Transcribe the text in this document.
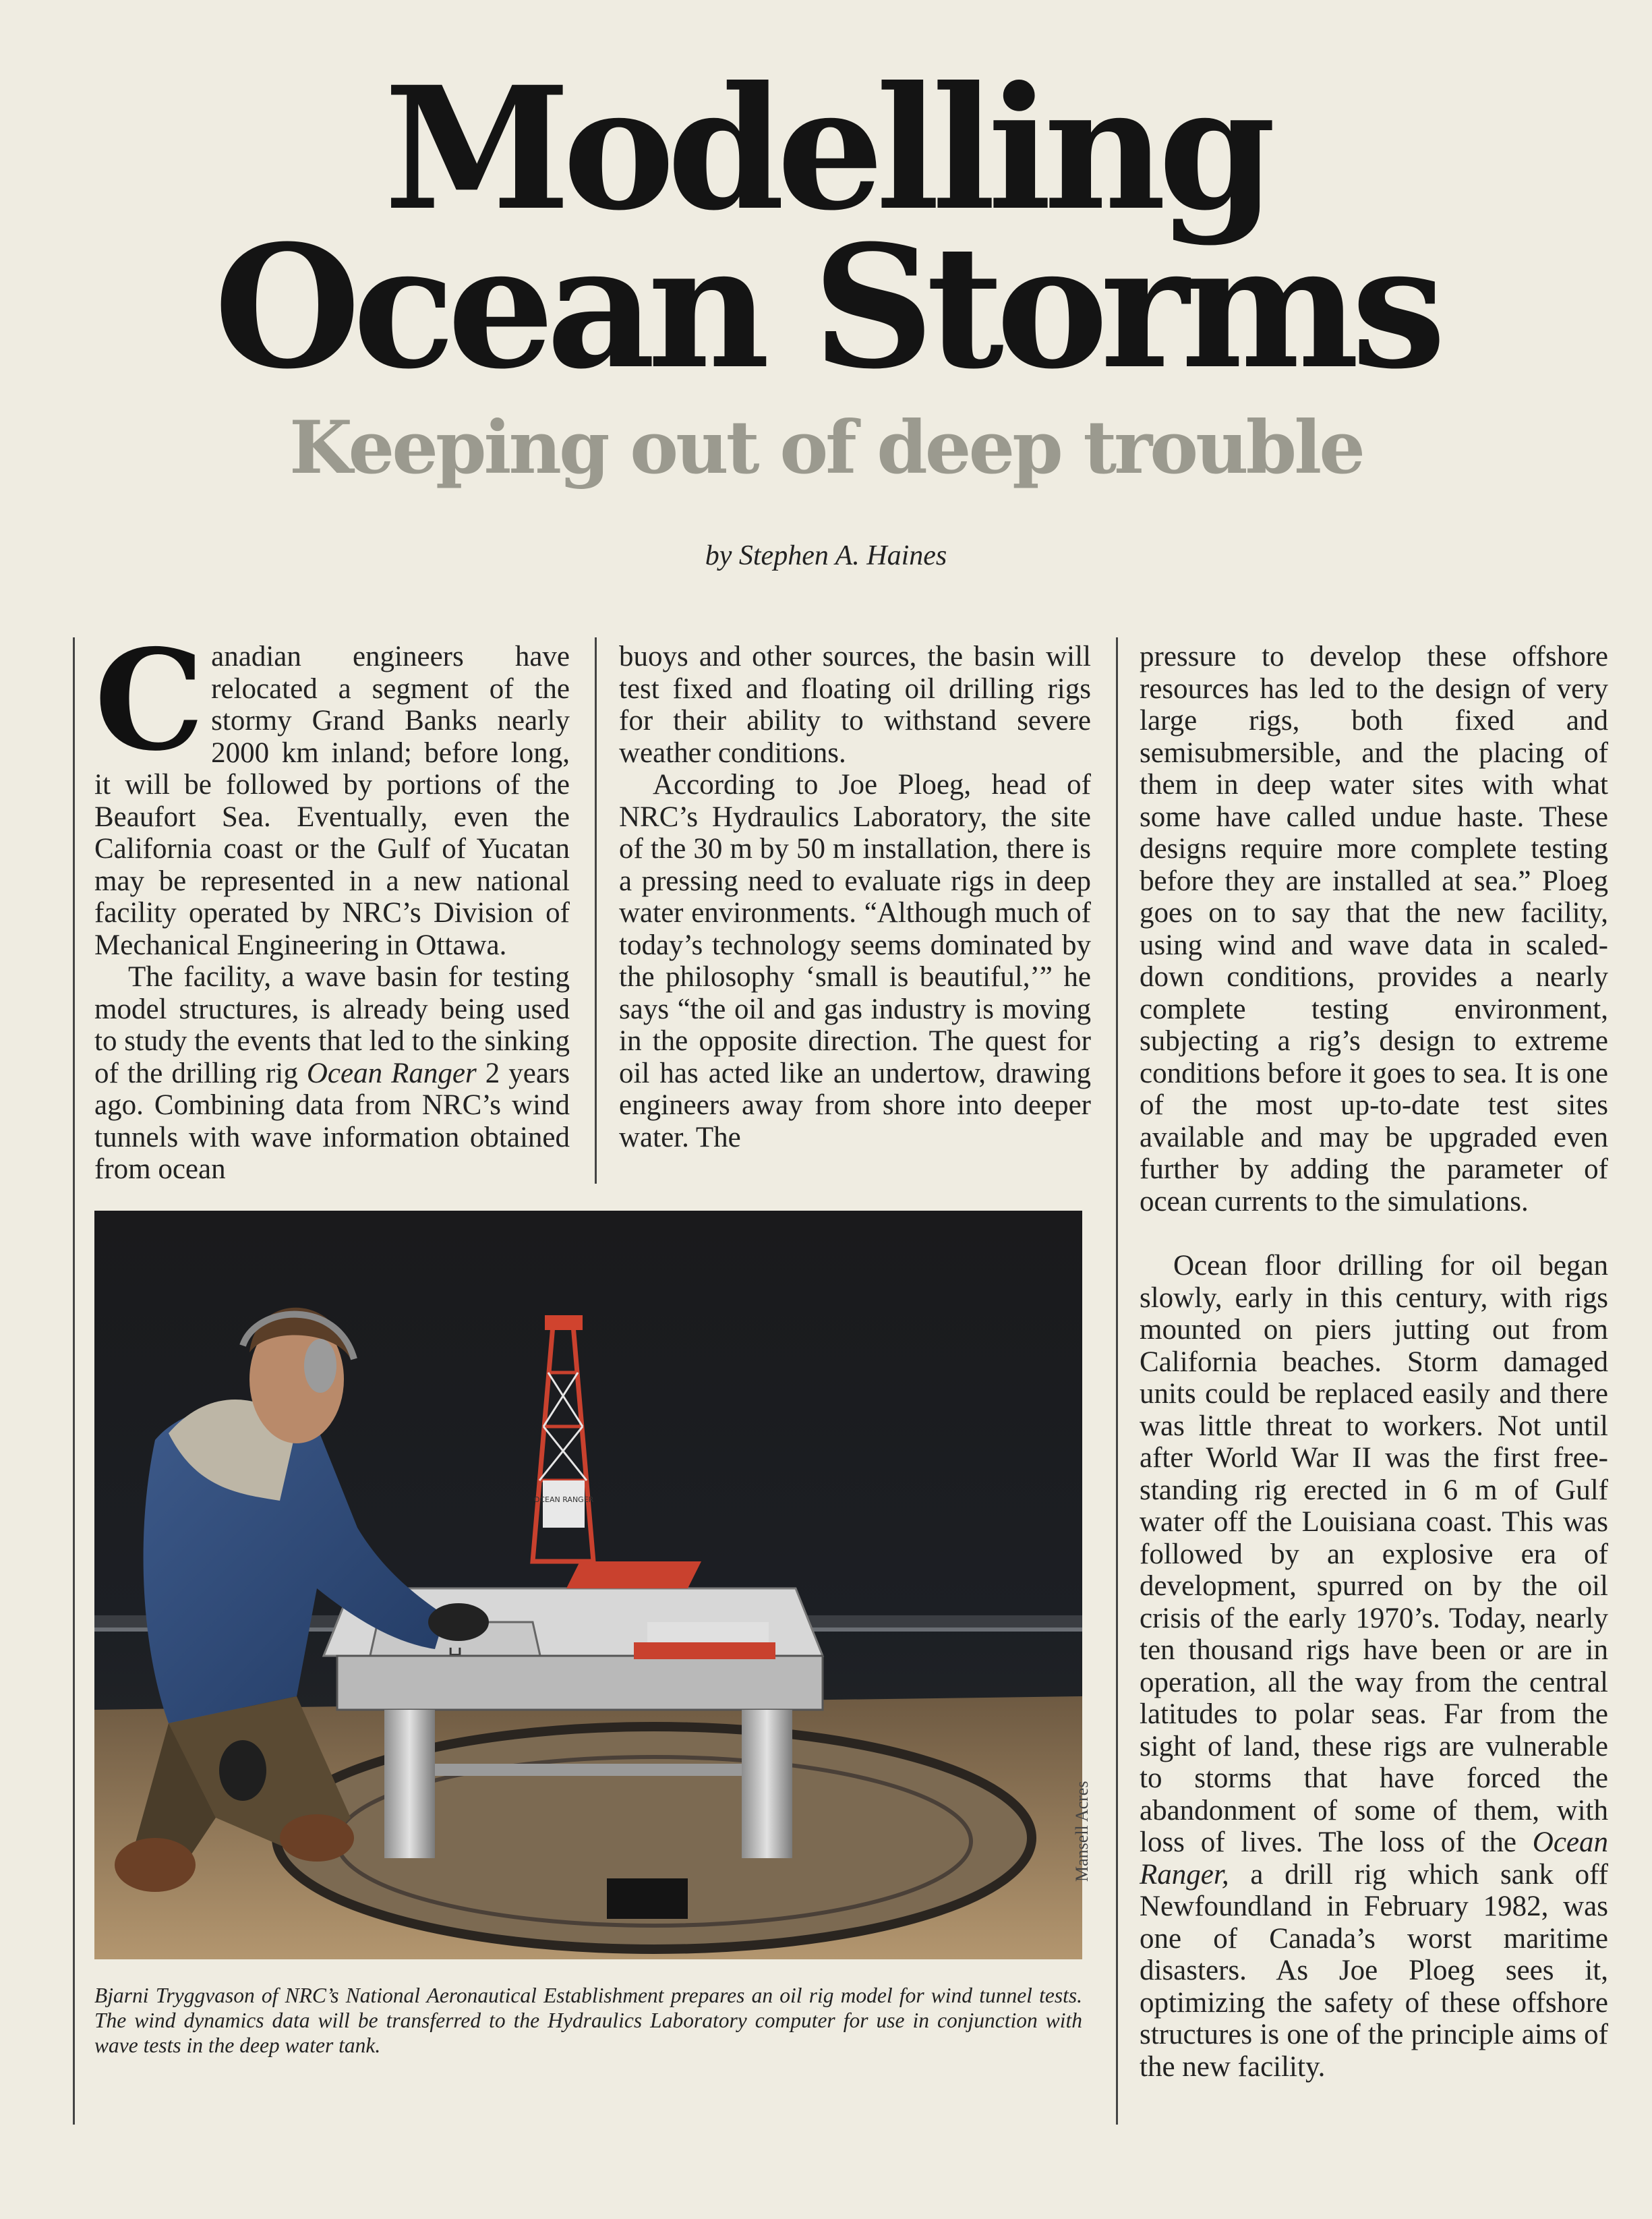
Modelling
Ocean Storms
Keeping out of deep trouble
by Stephen A. Haines

Canadian engineers have relocated a segment of the stormy Grand Banks nearly 2000 km inland; before long, it will be followed by portions of the Beaufort Sea. Eventually, even the California coast or the Gulf of Yucatan may be represented in a new national facility operated by NRC’s Division of Mechanical Engineering in Ottawa.

The facility, a wave basin for testing model structures, is already being used to study the events that led to the sinking of the drilling rig Ocean Ranger 2 years ago. Combining data from NRC’s wind tunnels with wave information obtained from ocean

buoys and other sources, the basin will test fixed and floating oil drilling rigs for their ability to withstand severe weather conditions.

According to Joe Ploeg, head of NRC’s Hydraulics Laboratory, the site of the 30 m by 50 m installation, there is a pressing need to evaluate rigs in deep water environments. “Although much of today’s technology seems dominated by the philosophy ‘small is beautiful,’” he says “the oil and gas industry is moving in the opposite direction. The quest for oil has acted like an undertow, drawing engineers away from shore into deeper water. The

pressure to develop these offshore resources has led to the design of very large rigs, both fixed and semisubmersible, and the placing of them in deep water sites with what some have called undue haste. These designs require more complete testing before they are installed at sea.” Ploeg goes on to say that the new facility, using wind and wave data in scaled-down conditions, provides a nearly complete testing environment, subjecting a rig’s design to extreme conditions before it goes to sea. It is one of the most up-to-date test sites available and may be upgraded even further by adding the parameter of ocean currents to the simulations.

Ocean floor drilling for oil began slowly, early in this century, with rigs mounted on piers jutting out from California beaches. Storm damaged units could be replaced easily and there was little threat to workers. Not until after World War II was the first free-standing rig erected in 6 m of Gulf water off the Louisiana coast. This was followed by an explosive era of development, spurred on by the oil crisis of the early 1970’s. Today, nearly ten thousand rigs have been or are in operation, all the way from the central latitudes to polar seas. Far from the sight of land, these rigs are vulnerable to storms that have forced the abandonment of some of them, with loss of lives. The loss of the Ocean Ranger, a drill rig which sank off Newfoundland in February 1982, was one of Canada’s worst maritime disasters. As Joe Ploeg sees it, optimizing the safety of these offshore structures is one of the principle aims of the new facility.

OCEAN RANGER
Mansell Acres
Bjarni Tryggvason of NRC’s National Aeronautical Establishment prepares an oil rig model for wind tunnel tests. The wind dynamics data will be transferred to the Hydraulics Laboratory computer for use in conjunction with wave tests in the deep water tank.
